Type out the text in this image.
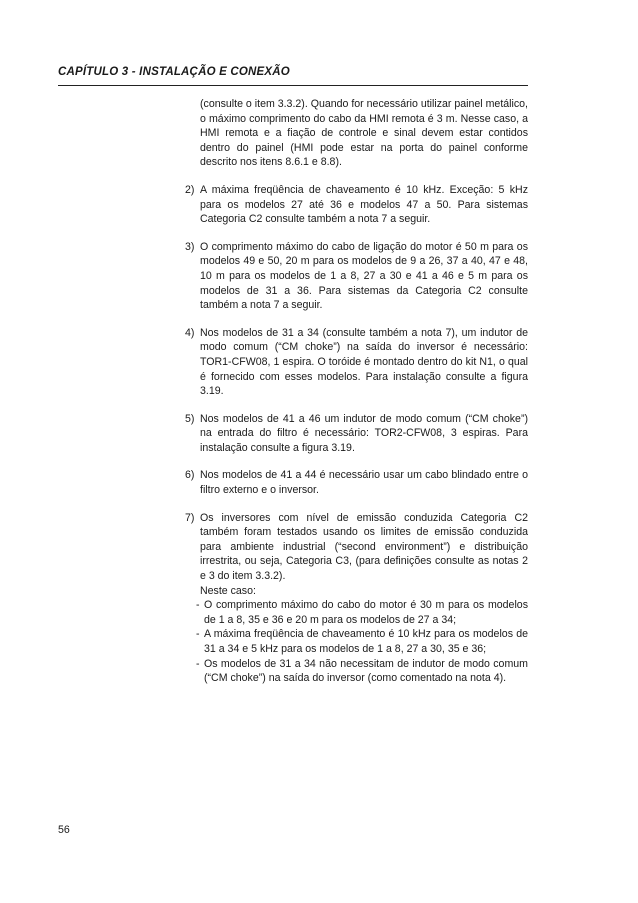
CAPÍTULO 3 - INSTALAÇÃO E CONEXÃO

(consulte o item 3.3.2). Quando for necessário utilizar painel metálico, o máximo comprimento do cabo da HMI remota é 3 m. Nesse caso, a HMI remota e a fiação de controle e sinal devem estar contidos dentro do painel (HMI pode estar na porta do painel conforme descrito nos itens 8.6.1 e 8.8).

2) A máxima freqüência de chaveamento é 10 kHz. Exceção: 5 kHz para os modelos 27 até 36 e modelos 47 a 50. Para sistemas Categoria C2 consulte também a nota 7 a seguir.

3) O comprimento máximo do cabo de ligação do motor é 50 m para os modelos 49 e 50, 20 m para os modelos de 9 a 26, 37 a 40, 47 e 48, 10 m para os modelos de 1 a 8, 27 a 30 e 41 a 46 e 5 m para os modelos de 31 a 36. Para sistemas da Categoria C2 consulte também a nota 7 a seguir.

4) Nos modelos de 31 a 34 (consulte também a nota 7), um indutor de modo comum (“CM choke”) na saída do inversor é necessário: TOR1-CFW08, 1 espira. O toróide é montado dentro do kit N1, o qual é fornecido com esses modelos. Para instalação consulte a figura 3.19.

5) Nos modelos de 41 a 46 um indutor de modo comum (“CM choke”) na entrada do filtro é necessário: TOR2-CFW08, 3 espiras. Para instalação consulte a figura 3.19.

6) Nos modelos de 41 a 44 é necessário usar um cabo blindado entre o filtro externo e o inversor.

7) Os inversores com nível de emissão conduzida Categoria C2 também foram testados usando os limites de emissão conduzida para ambiente industrial (“second environment”) e distribuição irrestrita, ou seja, Categoria C3, (para definições consulte as notas 2 e 3 do item 3.3.2).

Neste caso:

- O comprimento máximo do cabo do motor é 30 m para os modelos de 1 a 8, 35 e 36 e 20 m para os modelos de 27 a 34;

- A máxima freqüência de chaveamento é 10 kHz para os modelos de 31 a 34 e 5 kHz para os modelos de 1 a 8, 27 a 30, 35 e 36;

- Os modelos de 31 a 34 não necessitam de indutor de modo comum (“CM choke”) na saída do inversor (como comentado na nota 4).

56
